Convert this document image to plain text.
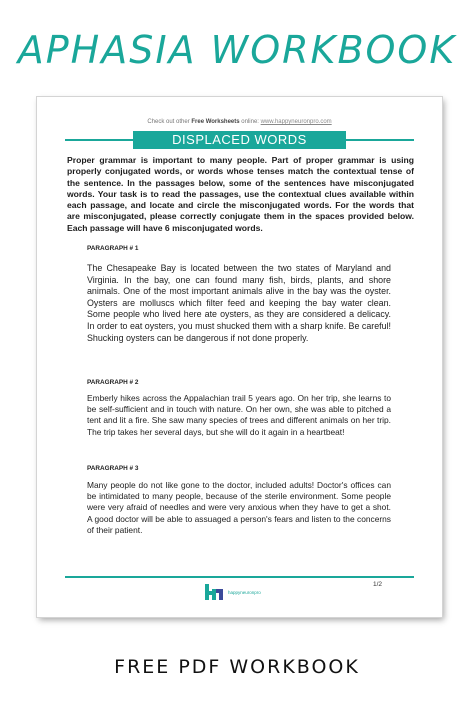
APHASIA WORKBOOK
Check out other Free Worksheets online: www.happyneuronpro.com
DISPLACED WORDS
Proper grammar is important to many people. Part of proper grammar is using properly conjugated words, or words whose tenses match the contextual tense of the sentence. In the passages below, some of the sentences have misconjugated words. Your task is to read the passages, use the contextual clues available within each passage, and locate and circle the misconjugated words. For the words that are misconjugated, please correctly conjugate them in the spaces provided below. Each passage will have 6 misconjugated words.
PARAGRAPH # 1
The Chesapeake Bay is located between the two states of Maryland and Virginia. In the bay, one can found many fish, birds, plants, and shore animals. One of the most important animals alive in the bay was the oyster. Oysters are molluscs which filter feed and keeping the bay water clean. Some people who lived here ate oysters, as they are considered a delicacy. In order to eat oysters, you must shucked them with a sharp knife. Be careful! Shucking oysters can be dangerous if not done properly.
PARAGRAPH # 2
Emberly hikes across the Appalachian trail 5 years ago. On her trip, she learns to be self-sufficient and in touch with nature. On her own, she was able to pitched a tent and lit a fire. She saw many species of trees and different animals on her trip. The trip takes her several days, but she will do it again in a heartbeat!
PARAGRAPH # 3
Many people do not like gone to the doctor, included adults! Doctor's offices can be intimidated to many people, because of the sterile environment. Some people were very afraid of needles and were very anxious when they have to get a shot. A good doctor will be able to assuaged a person's fears and listen to the concerns of their patient.
happyneuronpro
1/2
FREE PDF WORKBOOK
